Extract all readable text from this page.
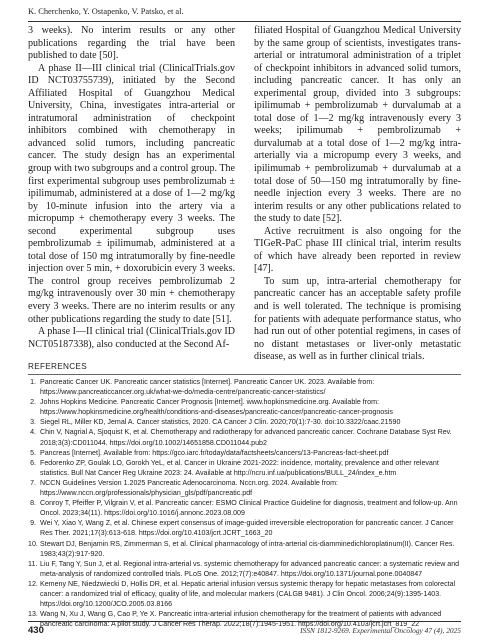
K. Cherchenko, Y. Ostapenko, V. Patsko, et al.

3 weeks). No interim results or any other publications regarding the trial have been published to date [50].

A phase II—III clinical trial (ClinicalTrials.gov ID NCT03755739), initiated by the Second Affiliated Hospital of Guangzhou Medical University, China, investigates intra-arterial or intratumoral administration of checkpoint inhibitors combined with chemotherapy in advanced solid tumors, including pancreatic cancer. The study design has an experimental group with two subgroups and a control group. The first experimental subgroup uses pembrolizumab ± ipilimumab, administered at a dose of 1—2 mg/kg by 10-minute infusion into the artery via a micropump + chemotherapy every 3 weeks. The second experimental subgroup uses pembrolizumab ± ipilimumab, administered at a total dose of 150 mg intratumorally by fine-needle injection over 5 min, + doxorubicin every 3 weeks. The control group receives pembrolizumab 2 mg/kg intravenously over 30 min + chemotherapy every 3 weeks. There are no interim results or any other publications regarding the study to date [51].

A phase I—II clinical trial (ClinicalTrials.gov ID NCT05187338), also conducted at the Second Af-

filiated Hospital of Guangzhou Medical University by the same group of scientists, investigates trans-arterial or intratumoral administration of a triplet of checkpoint inhibitors in advanced solid tumors, including pancreatic cancer. It has only an experimental group, divided into 3 subgroups: ipilimumab + pembrolizumab + durvalumab at a total dose of 1—2 mg/kg intravenously every 3 weeks; ipilimumab + pembrolizumab + durvalumab at a total dose of 1—2 mg/kg intra-arterially via a micropump every 3 weeks, and ipilimumab + pembrolizumab + durvalumab at a total dose of 50—150 mg intratumorally by fine-needle injection every 3 weeks. There are no interim results or any other publications related to the study to date [52].

Active recruitment is also ongoing for the TIGeR-PaC phase III clinical trial, interim results of which have already been reported in review [47].

To sum up, intra-arterial chemotherapy for pancreatic cancer has an acceptable safety profile and is well tolerated. The technique is promising for patients with adequate performance status, who had run out of other potential regimens, in cases of no distant metastases or liver-only metastatic disease, as well as in further clinical trials.

REFERENCES
1. Pancreatic Cancer UK. Pancreatic cancer statistics [Internet]. Pancreatic Cancer UK. 2023. Available from: https://www.pancreaticcancer.org.uk/what-we-do/media-centre/pancreatic-cancer-statistics/
2. Johns Hopkins Medicine. Pancreatic Cancer Prognosis [Internet]. www.hopkinsmedicine.org. Available from: https://www.hopkinsmedicine.org/health/conditions-and-diseases/pancreatic-cancer/pancreatic-cancer-prognosis
3. Siegel RL, Miller KD, Jemal A. Cancer statistics, 2020. CA Cancer J Clin. 2020;70(1):7-30. doi:10.3322/caac.21590
4. Chin V, Nagrial A, Sjoquist K, et al. Chemotherapy and radiotherapy for advanced pancreatic cancer. Cochrane Database Syst Rev. 2018;3(3):CD011044. https://doi.org/10.1002/14651858.CD011044.pub2
5. Pancreas [Internet]. Available from: https://gco.iarc.fr/today/data/factsheets/cancers/13-Pancreas-fact-sheet.pdf
6. Fedorenko ZP, Goulak LO, Gorokh YeL, et al. Cancer in Ukraine 2021-2022: incidence, mortality, prevalence and other relevant statistics. Bull Nat Cancer Reg Ukraine 2023: 24. Available at http://ncru.inf.ua/publications/BULL_24/index_e.htm
7. NCCN Guidelines Version 1.2025 Pancreatic Adenocarcinoma. Nccn.org. 2024. Available from: https://www.nccn.org/professionals/physician_gls/pdf/pancreatic.pdf
8. Conroy T, Pfeiffer P, Vilgrain V, et al. Pancreatic cancer: ESMO Clinical Practice Guideline for diagnosis, treatment and follow-up. Ann Oncol. 2023;34(11). https://doi.org/10.1016/j.annonc.2023.08.009
9. Wei Y, Xiao Y, Wang Z, et al. Chinese expert consensus of image-guided irreversible electroporation for pancreatic cancer. J Cancer Res Ther. 2021;17(3):613-618. https://doi.org/10.4103/jcrt.JCRT_1663_20
10. Stewart DJ, Benjamin RS, Zimmerman S, et al. Clinical pharmacology of intra-arterial cis-diamminedichloroplatinum(II). Cancer Res. 1983;43(2):917-920.
11. Liu F, Tang Y, Sun J, et al. Regional intra-arterial vs. systemic chemotherapy for advanced pancreatic cancer: a systematic review and meta-analysis of randomized controlled trials. PLoS One. 2012;7(7):e40847. https://doi.org/10.1371/journal.pone.0040847
12. Kemeny NE, Niedzwiecki D, Hollis DR, et al. Hepatic arterial infusion versus systemic therapy for hepatic metastases from colorectal cancer: a randomized trial of efficacy, quality of life, and molecular markers (CALGB 9481). J Clin Oncol. 2006;24(9):1395-1403. https://doi.org/10.1200/JCO.2005.03.8166
13. Wang N, Xu J, Wang G, Cao P, Ye X. Pancreatic intra-arterial infusion chemotherapy for the treatment of patients with advanced pancreatic carcinoma: A pilot study. J Cancer Res Therap. 2022;18(7):1945-1951. https://doi.org/10.4103/jcrt.jcrt_819_22
430	ISSN 1812-9269. Experimental Oncology 47 (4), 2025
